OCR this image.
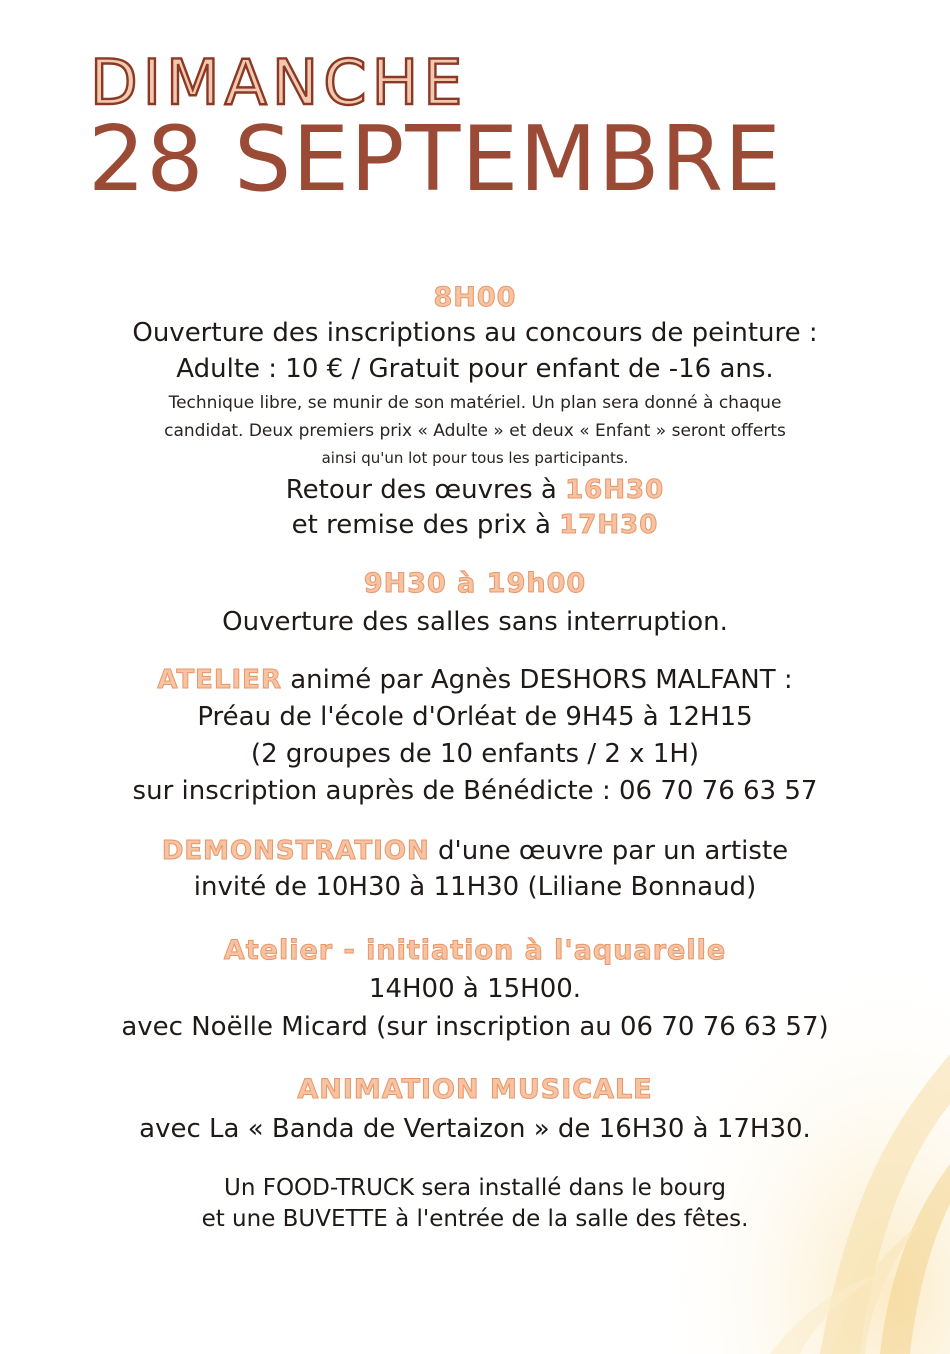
DIMANCHE
28 SEPTEMBRE
8H00
Ouverture des inscriptions au concours de peinture :
Adulte : 10 € / Gratuit pour enfant de -16 ans.
Technique libre, se munir de son matériel. Un plan sera donné à chaque
candidat. Deux premiers prix « Adulte » et deux « Enfant » seront offerts
ainsi qu'un lot pour tous les participants.
Retour des œuvres à 16H30
et remise des prix à 17H30
9H30 à 19h00
Ouverture des salles sans interruption.
ATELIER animé par Agnès DESHORS MALFANT :
Préau de l'école d'Orléat de 9H45 à 12H15
(2 groupes de 10 enfants / 2 x 1H)
sur inscription auprès de Bénédicte : 06 70 76 63 57
DEMONSTRATION d'une œuvre par un artiste
invité de 10H30 à 11H30 (Liliane Bonnaud)
Atelier - initiation à l'aquarelle
14H00 à 15H00.
avec Noëlle Micard (sur inscription au 06 70 76 63 57)
ANIMATION MUSICALE
avec La « Banda de Vertaizon » de 16H30 à 17H30.
Un FOOD-TRUCK sera installé dans le bourg
et une BUVETTE à l'entrée de la salle des fêtes.
